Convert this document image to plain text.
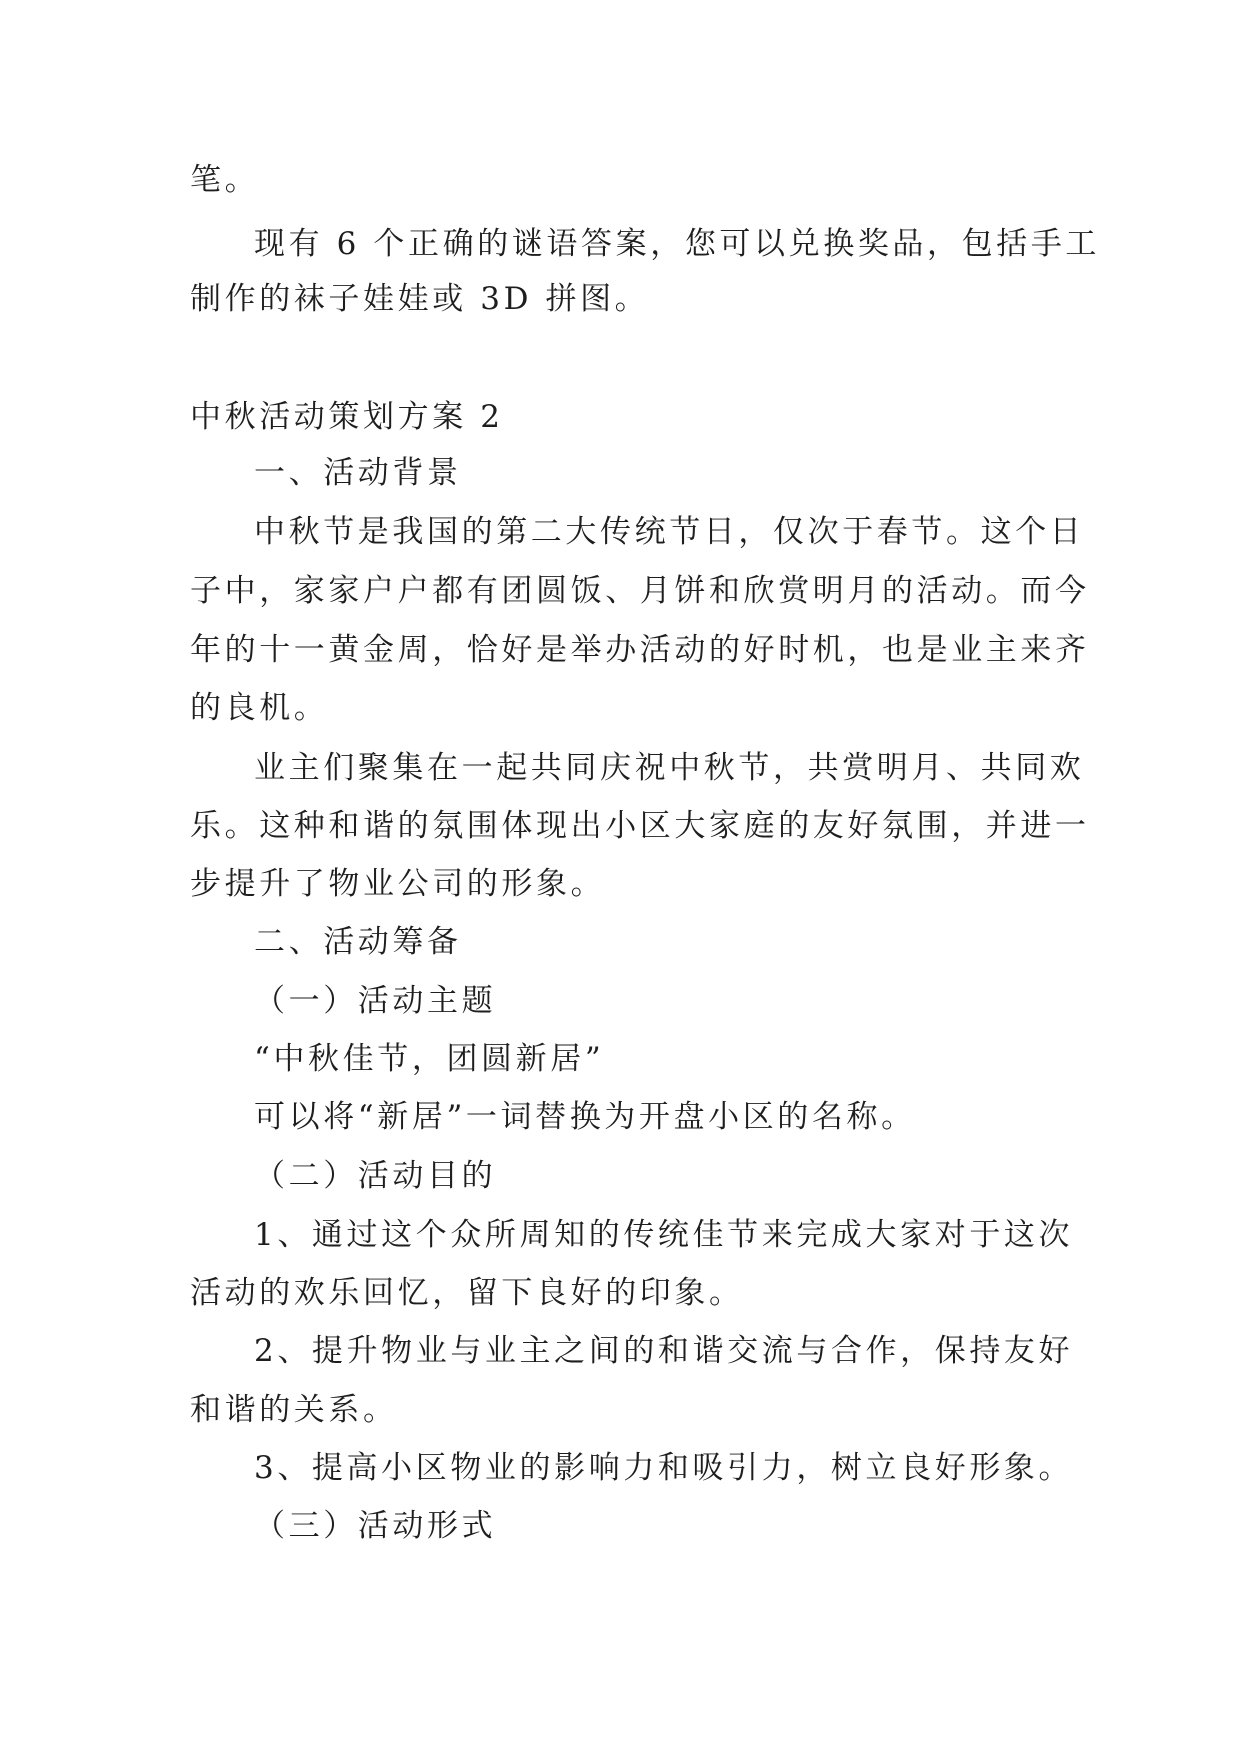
笔。
现有 6 个正确的谜语答案，您可以兑换奖品，包括手工
制作的袜子娃娃或 3D 拼图。
中秋活动策划方案 2
一、活动背景
中秋节是我国的第二大传统节日，仅次于春节。这个日
子中，家家户户都有团圆饭、月饼和欣赏明月的活动。而今
年的十一黄金周，恰好是举办活动的好时机，也是业主来齐
的良机。
业主们聚集在一起共同庆祝中秋节，共赏明月、共同欢
乐。这种和谐的氛围体现出小区大家庭的友好氛围，并进一
步提升了物业公司的形象。
二、活动筹备
（一）活动主题
“中秋佳节，团圆新居”
可以将“新居”一词替换为开盘小区的名称。
（二）活动目的
1、通过这个众所周知的传统佳节来完成大家对于这次
活动的欢乐回忆，留下良好的印象。
2、提升物业与业主之间的和谐交流与合作，保持友好
和谐的关系。
3、提高小区物业的影响力和吸引力，树立良好形象。
（三）活动形式
